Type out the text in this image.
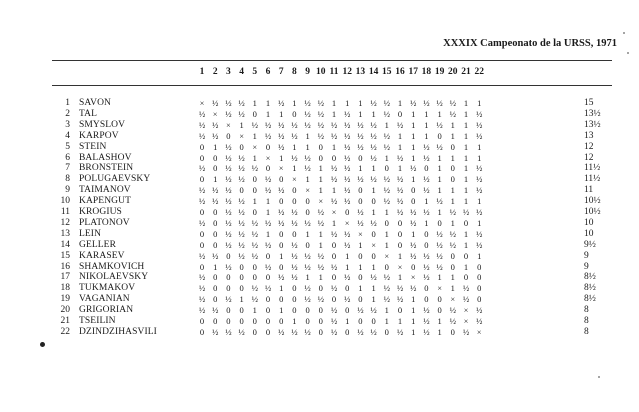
XXXIX Campeonato de la URSS, 1971
1 2 3 4 5 6 7 8 9 10 11 12 13 14 15 16 17 18 19 20 21 22
1 SAVON	× ½ ½ ½ 1	1 ½ 1 ½ ½ 1	1	1 ½ ½ 1 ½ ½ ½ ½ 1	1	15
2 TAL	½ × ½ ½ 0	1	1	0 ½ ½ 1 ½ 1	1 ½ 0	1	1	1 ½ 1 ½	13½
3 SMYSLOV	½ ½ ×	1 ½ ½ ½ ½ ½ ½ ½ ½ ½ ½ 1 ½ 1	1 ½ 1	1 ½	13½
4 KARPOV	½ ½ 0	×	1 ½ ½ ½ 1 ½ ½ ½ ½ ½ ½ 1	1	1	0	1	1 ½	13
5 STEIN	0	1 ½ 0	×	0 ½ 1	1	0	1 ½ ½ ½ ½ 1	1 ½ ½ 0	1	1	12
6 BALASHOV	0	0 ½ ½ 1	×	1 ½ ½ 0	0 ½ 0 ½ 1 ½ 1 ½ 1	1	1	1	12
7 BRONSTEIN	½ 0 ½ ½ ½ 0	×	1 ½ 1 ½ ½ 1	1	0	1 ½ 0	1	0	1 ½	11½
8 POLUGAEVSKY	0	1 ½ ½ 0 ½ 0	×	1	1 ½ ½ ½ ½ ½ ½ 1 ½ 1	0	1 ½	11½
9 TAIMANOV	½ ½ ½ 0	0 ½ ½ 0	×	1	1 ½ 0	1 ½ ½ 0 ½ 1	1	1 ½	11
10 KAPENGUT	½ ½ ½ ½ 1	1	0	0	0	× ½ ½ 0	0 ½ ½ 0	1 ½ 1	1	1	10½
11 KROGIUS	0	0 ½ ½ 0	1 ½ ½ 0 ½ ×	0 ½ 1	1 ½ ½ ½ 1 ½ ½ ½	10½
12 PLATONOV	½ 0 ½ ½ ½ ½ ½ ½ ½ ½ 1	× ½ ½ 0	0 ½ 1	0	1	0	1	10
13 LEIN	0	0 ½ ½ ½ 1	0	0	1	1 ½ ½ ×	0	1	0	1	0 ½ ½ 1 ½	10
14 GELLER	0	0 ½ ½ ½ ½ 0 ½ 0	1	0 ½ 1	×	1	0 ½ 0 ½ ½ 1 ½	9½
15 KARASEV	½ ½ 0 ½ ½ 0	1 ½ ½ ½ 0	1	0	0	×	1 ½ ½ ½ 0	0	1	9
16 SHAMKOVICH	0	1 ½ 0	0 ½ 0 ½ ½ ½ ½ 1	1	1	0	×	0 ½ ½ 0	1	0	9
17 NIKOLAEVSKY	½ 0	0	0	0	0 ½ ½ 1	1	0 ½ 0 ½ ½ 1	× ½ 1	1	0	0	8½
18 TUKMAKOV	½ 0	0	0 ½ ½ 1	0 ½ 0 ½ 0	1	1 ½ ½ ½ 0	×	1 ½ 0	8½
19 VAGANIAN	½ 0 ½ 1 ½ 0	0	0 ½ ½ 0 ½ 0	1 ½ ½ 1	0	0	× ½ 0	8½
20 GRIGORIAN	½ ½ 0	0	1	0	1	0	0	0 ½ 0 ½ ½ 1	0	1 ½ 0 ½ × ½	8
21 TSEILIN	0	0	0	0	0	0	0	1	0	0 ½ 1	0	0	1	1	1 ½ 1 ½ × ½	8
22 DZINDZIHASVILI	0 ½ ½ ½ 0	0 ½ ½ ½ 0 ½ 0 ½ ½ 0 ½ 1 ½ 1	0 ½ ×	8
